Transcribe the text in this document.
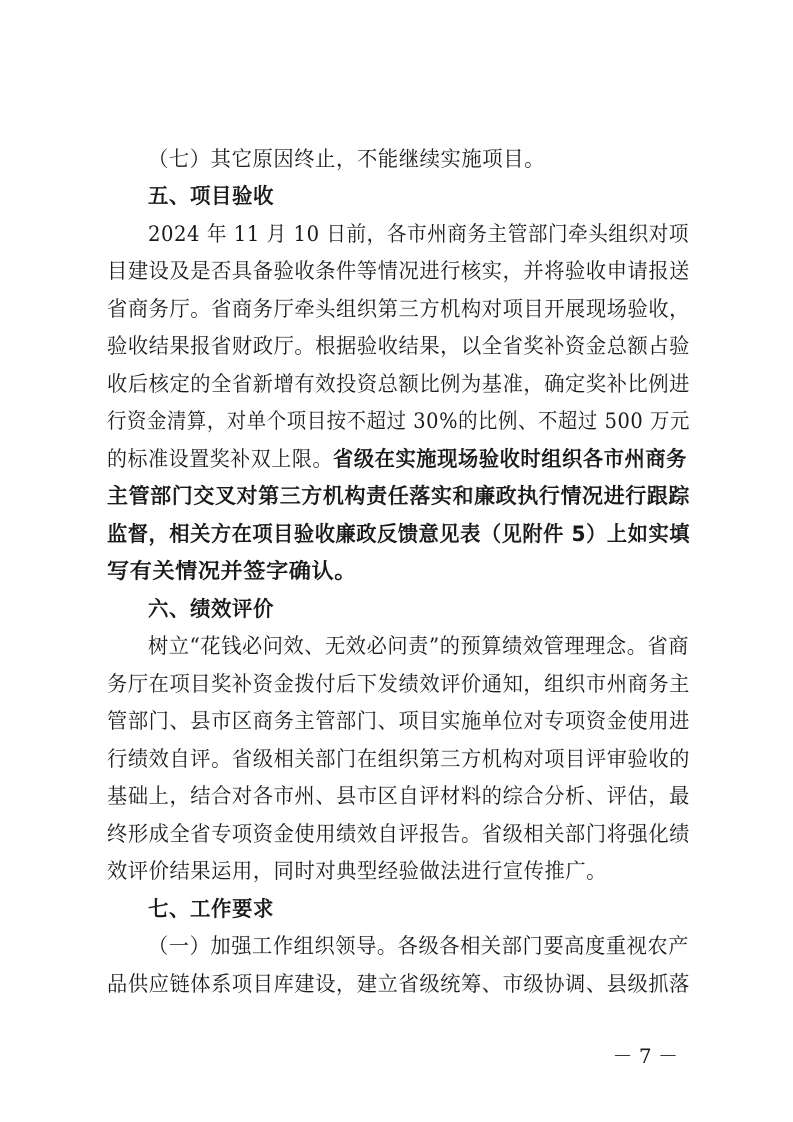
（七）其它原因终止，不能继续实施项目。
五、项目验收
2024 年 11 月 10 日前，各市州商务主管部门牵头组织对项
目建设及是否具备验收条件等情况进行核实，并将验收申请报送
省商务厅。省商务厅牵头组织第三方机构对项目开展现场验收，
验收结果报省财政厅。根据验收结果，以全省奖补资金总额占验
收后核定的全省新增有效投资总额比例为基准，确定奖补比例进
行资金清算，对单个项目按不超过 30%的比例、不超过 500 万元
的标准设置奖补双上限。省级在实施现场验收时组织各市州商务
主管部门交叉对第三方机构责任落实和廉政执行情况进行跟踪
监督，相关方在项目验收廉政反馈意见表（见附件 5）上如实填
写有关情况并签字确认。
六、绩效评价
树立“花钱必问效、无效必问责”的预算绩效管理理念。省商
务厅在项目奖补资金拨付后下发绩效评价通知，组织市州商务主
管部门、县市区商务主管部门、项目实施单位对专项资金使用进
行绩效自评。省级相关部门在组织第三方机构对项目评审验收的
基础上，结合对各市州、县市区自评材料的综合分析、评估，最
终形成全省专项资金使用绩效自评报告。省级相关部门将强化绩
效评价结果运用，同时对典型经验做法进行宣传推广。
七、工作要求
（一）加强工作组织领导。各级各相关部门要高度重视农产
品供应链体系项目库建设，建立省级统筹、市级协调、县级抓落
－ 7 －
